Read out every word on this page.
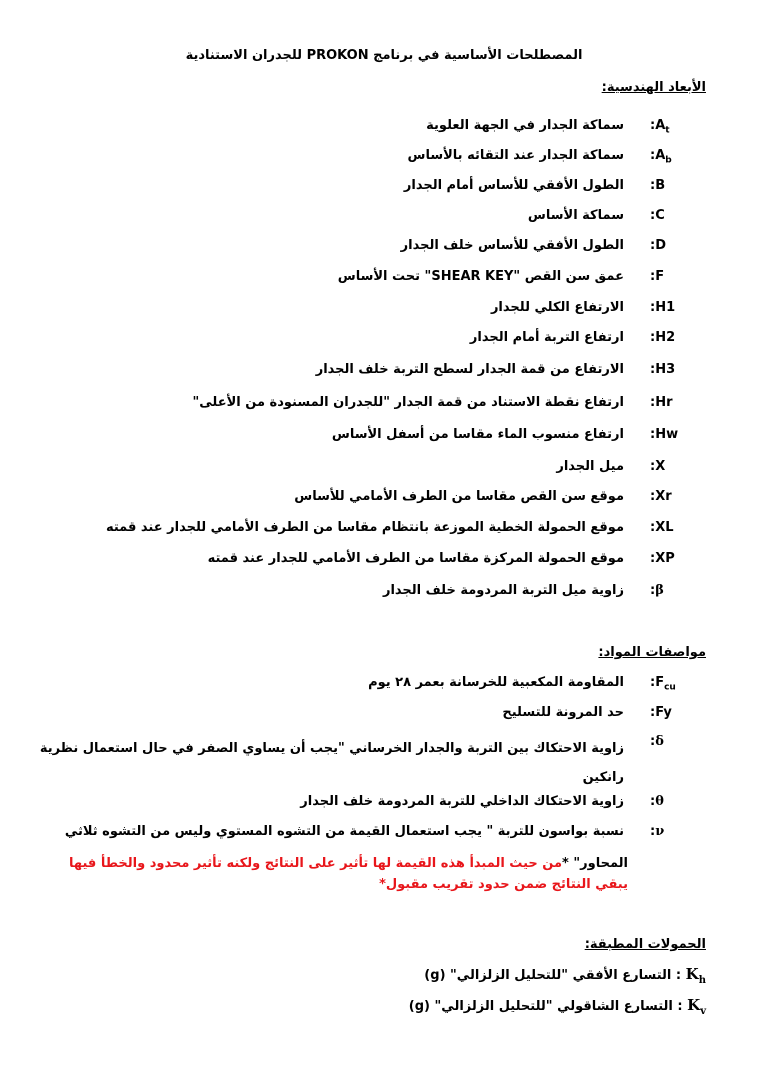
المصطلحات الأساسية في برنامج PROKON للجدران الاستنادية
الأبعاد الهندسية:
$:A_t$
سماكة الجدار في الجهة العلوية
$:A_b$
سماكة الجدار عند التقائه بالأساس
:B
الطول الأفقي للأساس أمام الجدار
:C
سماكة الأساس
:D
الطول الأفقي للأساس خلف الجدار
:F
عمق سن القص "SHEAR KEY" تحت الأساس
:H1
الارتفاع الكلي للجدار
:H2
ارتفاع التربة أمام الجدار
:H3
الارتفاع من قمة الجدار لسطح التربة خلف الجدار
:Hr
ارتفاع نقطة الاستناد من قمة الجدار "للجدران المسنودة من الأعلى"
:Hw
ارتفاع منسوب الماء مقاسا من أسفل الأساس
:X
ميل الجدار
:Xr
موقع سن القص مقاسا من الطرف الأمامي للأساس
:XL
موقع الحمولة الخطية الموزعة بانتظام مقاسا من الطرف الأمامي للجدار عند قمته
:XP
موقع الحمولة المركزة مقاسا من الطرف الأمامي للجدار عند قمته
:β
زاوية ميل التربة المردومة خلف الجدار
مواصفات المواد:
$:F_{cu}$
المقاومة المكعبية للخرسانة بعمر ٢٨ يوم
:Fy
حد المرونة للتسليح
:δ
زاوية الاحتكاك بين التربة والجدار الخرساني "يجب أن يساوي الصفر في حال استعمال نظرية رانكين
:θ
زاوية الاحتكاك الداخلي للتربة المردومة خلف الجدار
:ν
نسبة بواسون للتربة " يجب استعمال القيمة من التشوه المستوي وليس من التشوه ثلاثي
المحاور" *من حيث المبدأ هذه القيمة لها تأثير على النتائج ولكنه تأثير محدود والخطأ فيها يبقي النتائج ضمن حدود تقريب مقبول*
الحمولات المطبقة:
$K_h$ : التسارع الأفقي "للتحليل الزلزالي" (g)
$K_v$ : التسارع الشاقولي "للتحليل الزلزالي" (g)
